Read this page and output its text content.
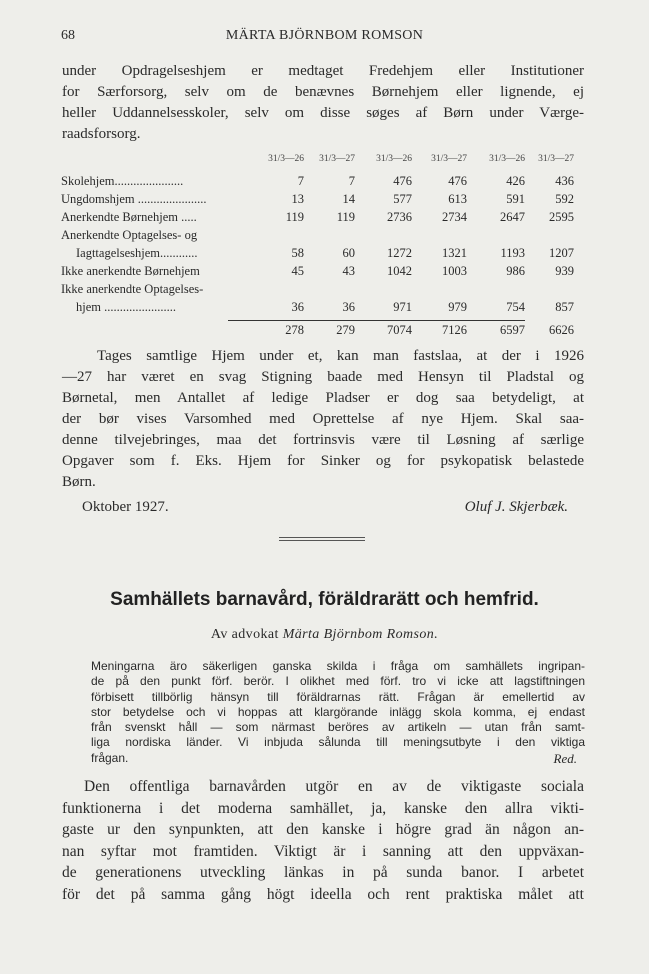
68	MÄRTA BJÖRNBOM ROMSON
under Opdragelseshjem er medtaget Fredehjem eller Institutioner
for Særforsorg, selv om de benævnes Børnehjem eller lignende, ej
heller Uddannelsesskoler, selv om disse søges af Børn under Værge-
raadsforsorg.
31/3—26 31/3—27 31/3—26 31/3—27 31/3—26 31/3—27
Skolehjem......................	7	7	476	476	426 436
Ungdomshjem ......................	13	14	577	613	591 592
Anerkendte Børnehjem .....	119	119	2736 2734	2647 2595
Anerkendte Optagelses- og

Iagttagelseshjem............	58	60	1272 1321	1193 1207
Ikke anerkendte Børnehjem	45	43	1042 1003	986 939
Ikke anerkendte Optagelses-

hjem .......................	36	36	971	979	754 857
278	279	7074 7126	6597 6626
Tages samtlige Hjem under et, kan man fastslaa, at der i 1926
—27 har været en svag Stigning baade med Hensyn til Pladstal og
Børnetal, men Antallet af ledige Pladser er dog saa betydeligt, at
der bør vises Varsomhed med Oprettelse af nye Hjem. Skal saa-
denne tilvejebringes, maa det fortrinsvis være til Løsning af særlige
Opgaver som f. Eks. Hjem for Sinker og for psykopatisk belastede
Børn.
Oktober 1927.	Oluf J. Skjerbæk.
Samhällets barnavård, föräldrarätt och hemfrid.
Av advokat Märta Björnbom Romson.
Meningarna äro säkerligen ganska skilda i fråga om samhällets ingripan-
de på den punkt förf. berör. I olikhet med förf. tro vi icke att lagstiftningen
förbisett tillbörlig hänsyn till föräldrarnas rätt. Frågan är emellertid av
stor betydelse och vi hoppas att klargörande inlägg skola komma, ej endast
från svenskt håll — som närmast beröres av artikeln — utan från samt-
liga nordiska länder. Vi inbjuda sålunda till meningsutbyte i den viktiga
frågan.	Red.
Den offentliga barnavården utgör en av de viktigaste sociala
funktionerna i det moderna samhället, ja, kanske den allra vikti-
gaste ur den synpunkten, att den kanske i högre grad än någon an-
nan syftar mot framtiden. Viktigt är i sanning att den uppväxan-
de generationens utveckling länkas in på sunda banor. I arbetet
för det på samma gång högt ideella och rent praktiska målet att
